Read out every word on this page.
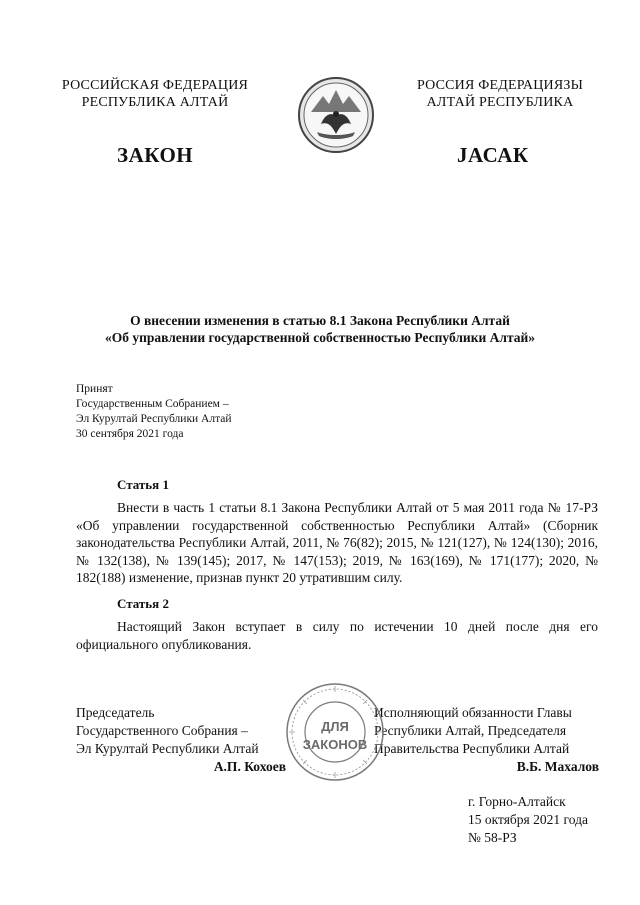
РОССИЙСКАЯ ФЕДЕРАЦИЯ
РЕСПУБЛИКА АЛТАЙ
РОССИЯ ФЕДЕРАЦИЯЗЫ
АЛТАЙ РЕСПУБЛИКА
ЗАКОН	JАСАК
О внесении изменения в статью 8.1 Закона Республики Алтай
«Об управлении государственной собственностью Республики Алтай»
Принят
Государственным Собранием –
Эл Курултай Республики Алтай
30 сентября 2021 года
Статья 1
Внести в часть 1 статьи 8.1 Закона Республики Алтай от 5 мая 2011 года № 17-РЗ «Об управлении государственной собственностью Республики Алтай» (Сборник законодательства Республики Алтай, 2011, № 76(82); 2015, № 121(127), № 124(130); 2016, № 132(138), № 139(145); 2017, № 147(153); 2019, № 163(169), № 171(177); 2020, № 182(188) изменение, признав пункт 20 утратившим силу.
Статья 2
Настоящий Закон вступает в силу по истечении 10 дней после дня его официального опубликования.
Председатель
Государственного Собрания –
Эл Курултай Республики Алтай
А.П. Кохоев
Исполняющий обязанности Главы
Республики Алтай, Председателя
Правительства Республики Алтай
В.Б. Махалов
ДЛЯ
ЗАКОНОВ
г. Горно-Алтайск
15 октября 2021 года
№ 58-РЗ
